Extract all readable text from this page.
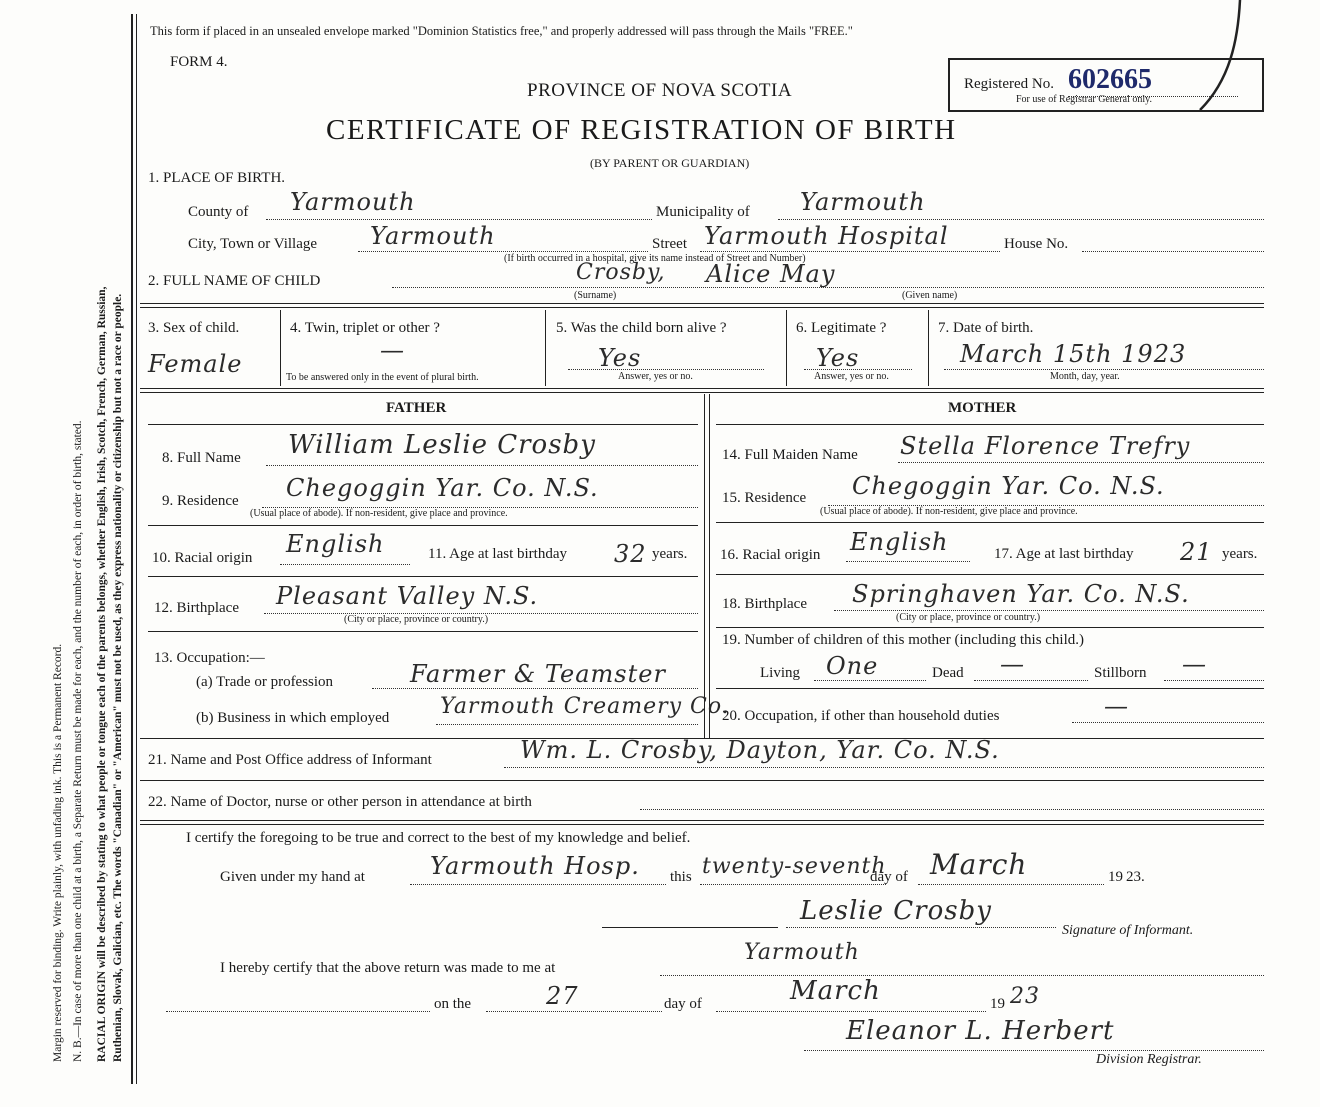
Margin reserved for binding. Write plainly, with unfading ink. This is a Permanent Record. N. B.—In case of more than one child at a birth, a Separate Return must be made for each, and the number of each, in order of birth, stated. RACIAL ORIGIN will be described by stating to what people or tongue each of the parents belongs, whether English, Irish, Scotch, French, German, Russian, Ruthenian, Slovak, Galician, etc. The words "Canadian" or "American" must not be used, as they express nationality or citizenship but not a race or people.
This form if placed in an unsealed envelope marked "Dominion Statistics free," and properly addressed will pass through the Mails "FREE."
FORM 4.
PROVINCE OF NOVA SCOTIA
CERTIFICATE OF REGISTRATION OF BIRTH
(BY PARENT OR GUARDIAN)
Registered No. 602665
For use of Registrar General only.
1. PLACE OF BIRTH.
County of Yarmouth	Municipality of Yarmouth
City, Town or Village Yarmouth	Street Yarmouth Hospital	House No.
(If birth occurred in a hospital, give its name instead of Street and Number)
2. FULL NAME OF CHILD	Crosby, Alice May
(Surname)	(Given name)
3. Sex of child.
Female
4. Twin, triplet or other ?
—
To be answered only in the event of plural birth.
5. Was the child born alive ?
Yes
Answer, yes or no.
6. Legitimate ?
Yes
Answer, yes or no.
7. Date of birth.
March 15th 1923
Month, day, year.
FATHER	MOTHER
8. Full Name William Leslie Crosby
9. Residence Chegoggin Yar. Co. N.S.
(Usual place of abode). If non-resident, give place and province.
10. Racial origin English	11. Age at last birthday 32 years.
12. Birthplace Pleasant Valley N.S.
(City or place, province or country.)
13. Occupation:—
(a) Trade or profession	Farmer & Teamster
(b) Business in which employed Yarmouth Creamery Co.
14. Full Maiden Name Stella Florence Trefry
15. Residence Chegoggin Yar. Co. N.S.
(Usual place of abode). If non-resident, give place and province.
16. Racial origin English	17. Age at last birthday 21 years.
18. Birthplace Springhaven Yar. Co. N.S.
(City or place, province or country.)
19. Number of children of this mother (including this child.)
Living One	Dead —	Stillborn —
20. Occupation, if other than household duties	—
21. Name and Post Office address of Informant	Wm. L. Crosby, Dayton, Yar. Co. N.S.
22. Name of Doctor, nurse or other person in attendance at birth
I certify the foregoing to be true and correct to the best of my knowledge and belief.
Given under my hand at	Yarmouth Hosp. this twenty-seventh
day of March	19 23.
Leslie Crosby
Signature of Informant.
I hereby certify that the above return was made to me at
Yarmouth
on the	27	day of	March	19 23
Eleanor L. Herbert
Division Registrar.
